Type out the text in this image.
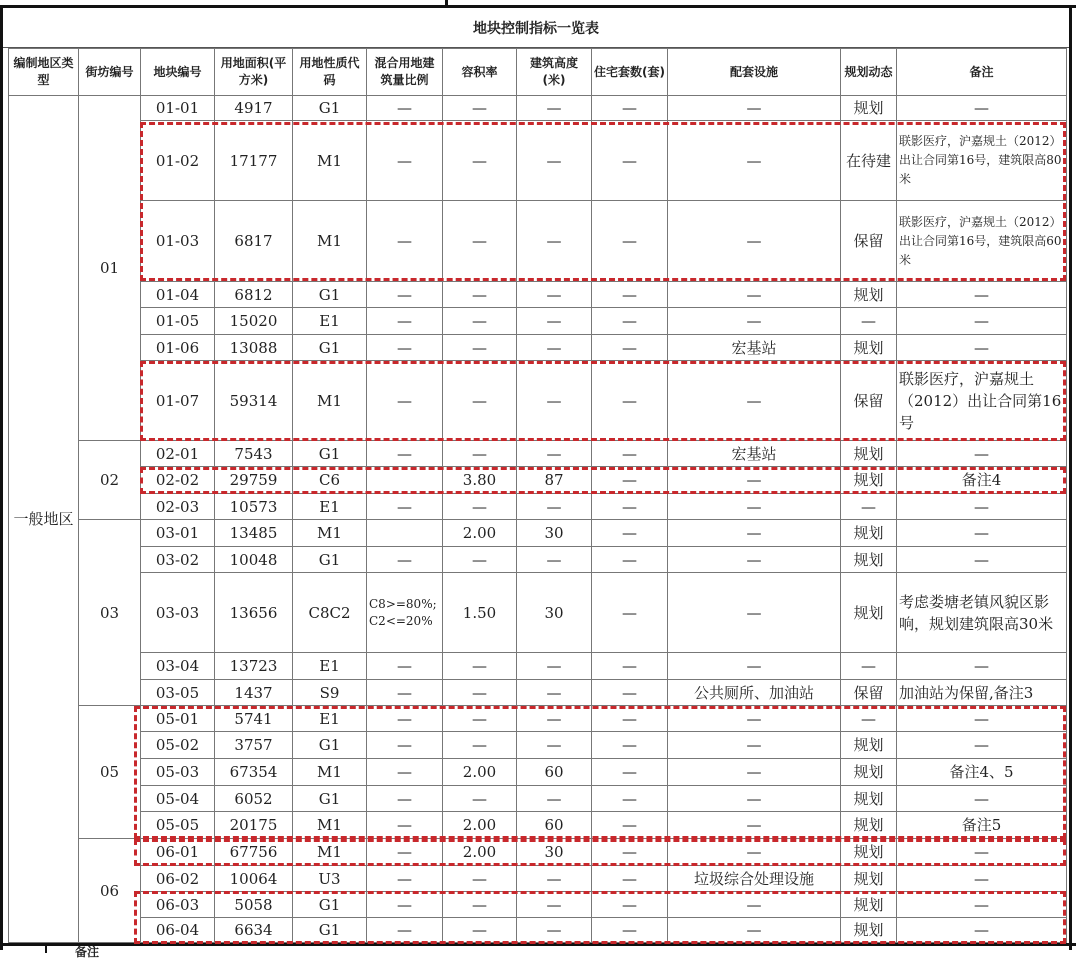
地块控制指标一览表
编制地区类型	街坊编号	地块编号	用地面积(平方米)	用地性质代码	混合用地建筑量比例	容积率	建筑高度(米)	住宅套数(套)	配套设施	规划动态	备注
一般地区	01	01-01	4917	G1	—	—	—	—	—	规划	—
		01-02	17177	M1	—	—	—	—	—	在待建	联影医疗，沪嘉规土（2012）出让合同第16号，建筑限高80米
		01-03	6817	M1	—	—	—	—	—	保留	联影医疗，沪嘉规土（2012）出让合同第16号，建筑限高60米
		01-04	6812	G1	—	—	—	—	—	规划	—
		01-05	15020	E1	—	—	—	—	—	—	—
		01-06	13088	G1	—	—	—	—	宏基站	规划	—
		01-07	59314	M1	—	—	—	—	—	保留	联影医疗，沪嘉规土（2012）出让合同第16号
	02	02-01	7543	G1	—	—	—	—	宏基站	规划	—
		02-02	29759	C6		3.80	87	—	—	规划	备注4
		02-03	10573	E1	—	—	—	—	—	—	—
	03	03-01	13485	M1		2.00	30	—	—	规划	—
		03-02	10048	G1	—	—	—	—	—	规划	—
		03-03	13656	C8C2	C8>=80%; C2<=20%	1.50	30	—	—	规划	考虑娄塘老镇风貌区影响，规划建筑限高30米
		03-04	13723	E1	—	—	—	—	—	—	—
		03-05	1437	S9	—	—	—	—	公共厕所、加油站	保留	加油站为保留,备注3
	05	05-01	5741	E1	—	—	—	—	—	—	—
		05-02	3757	G1	—	—	—	—	—	规划	—
		05-03	67354	M1	—	2.00	60	—	—	规划	备注4、5
		05-04	6052	G1	—	—	—	—	—	规划	—
		05-05	20175	M1	—	2.00	60	—	—	规划	备注5
	06	06-01	67756	M1	—	2.00	30	—	—	规划	—
		06-02	10064	U3	—	—	—	—	垃圾综合处理设施	规划	—
		06-03	5058	G1	—	—	—	—	—	规划	—
		06-04	6634	G1	—	—	—	—	—	规划	—
备注
